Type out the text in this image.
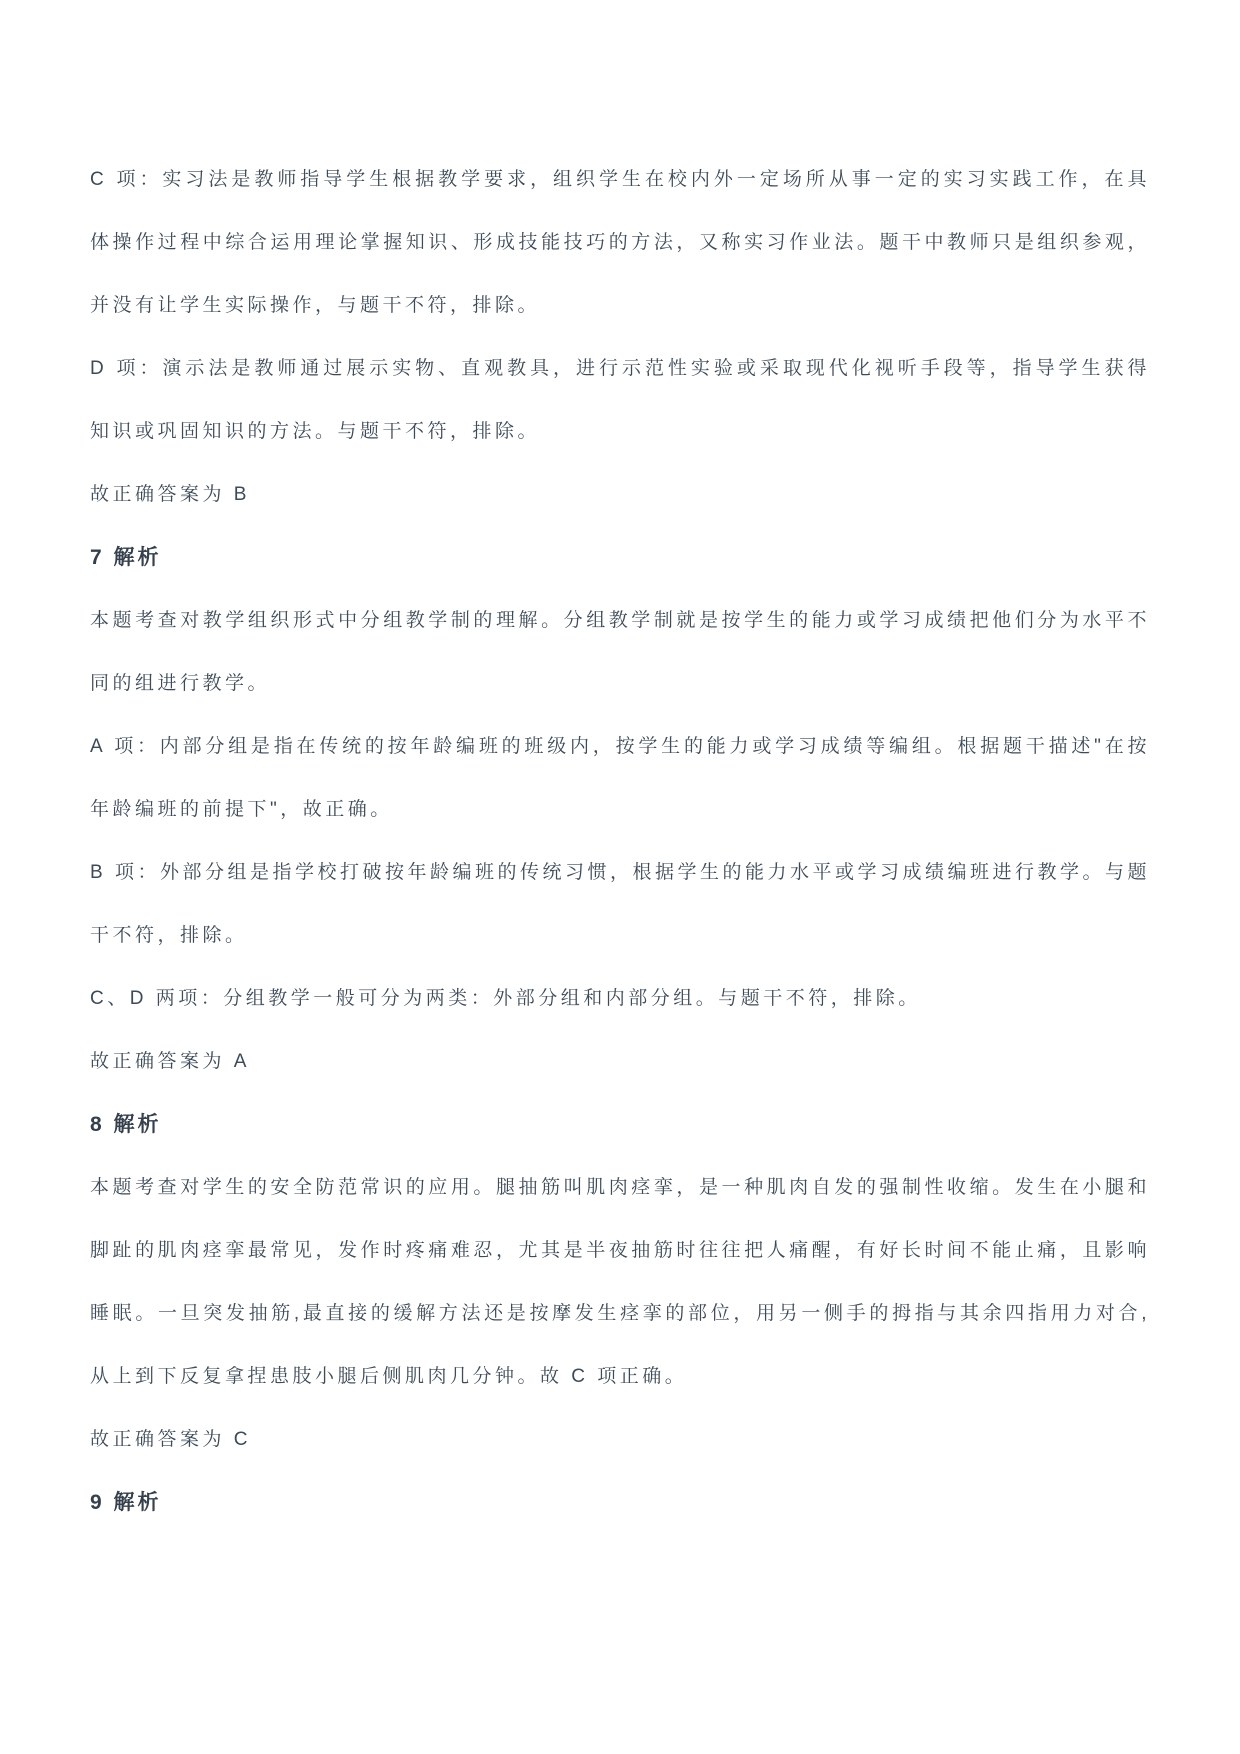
C 项：实习法是教师指导学生根据教学要求，组织学生在校内外一定场所从事一定的实习实践工作，在具体操作过程中综合运用理论掌握知识、形成技能技巧的方法，又称实习作业法。题干中教师只是组织参观，并没有让学生实际操作，与题干不符，排除。

D 项：演示法是教师通过展示实物、直观教具，进行示范性实验或采取现代化视听手段等，指导学生获得知识或巩固知识的方法。与题干不符，排除。

故正确答案为 B

7 解析

本题考查对教学组织形式中分组教学制的理解。分组教学制就是按学生的能力或学习成绩把他们分为水平不同的组进行教学。

A 项：内部分组是指在传统的按年龄编班的班级内，按学生的能力或学习成绩等编组。根据题干描述"在按年龄编班的前提下"，故正确。

B 项：外部分组是指学校打破按年龄编班的传统习惯，根据学生的能力水平或学习成绩编班进行教学。与题干不符，排除。

C、D 两项：分组教学一般可分为两类：外部分组和内部分组。与题干不符，排除。

故正确答案为 A

8 解析

本题考查对学生的安全防范常识的应用。腿抽筋叫肌肉痉挛，是一种肌肉自发的强制性收缩。发生在小腿和脚趾的肌肉痉挛最常见，发作时疼痛难忍，尤其是半夜抽筋时往往把人痛醒，有好长时间不能止痛，且影响睡眠。一旦突发抽筋,最直接的缓解方法还是按摩发生痉挛的部位，用另一侧手的拇指与其余四指用力对合,从上到下反复拿捏患肢小腿后侧肌肉几分钟。故 C 项正确。

故正确答案为 C

9 解析
